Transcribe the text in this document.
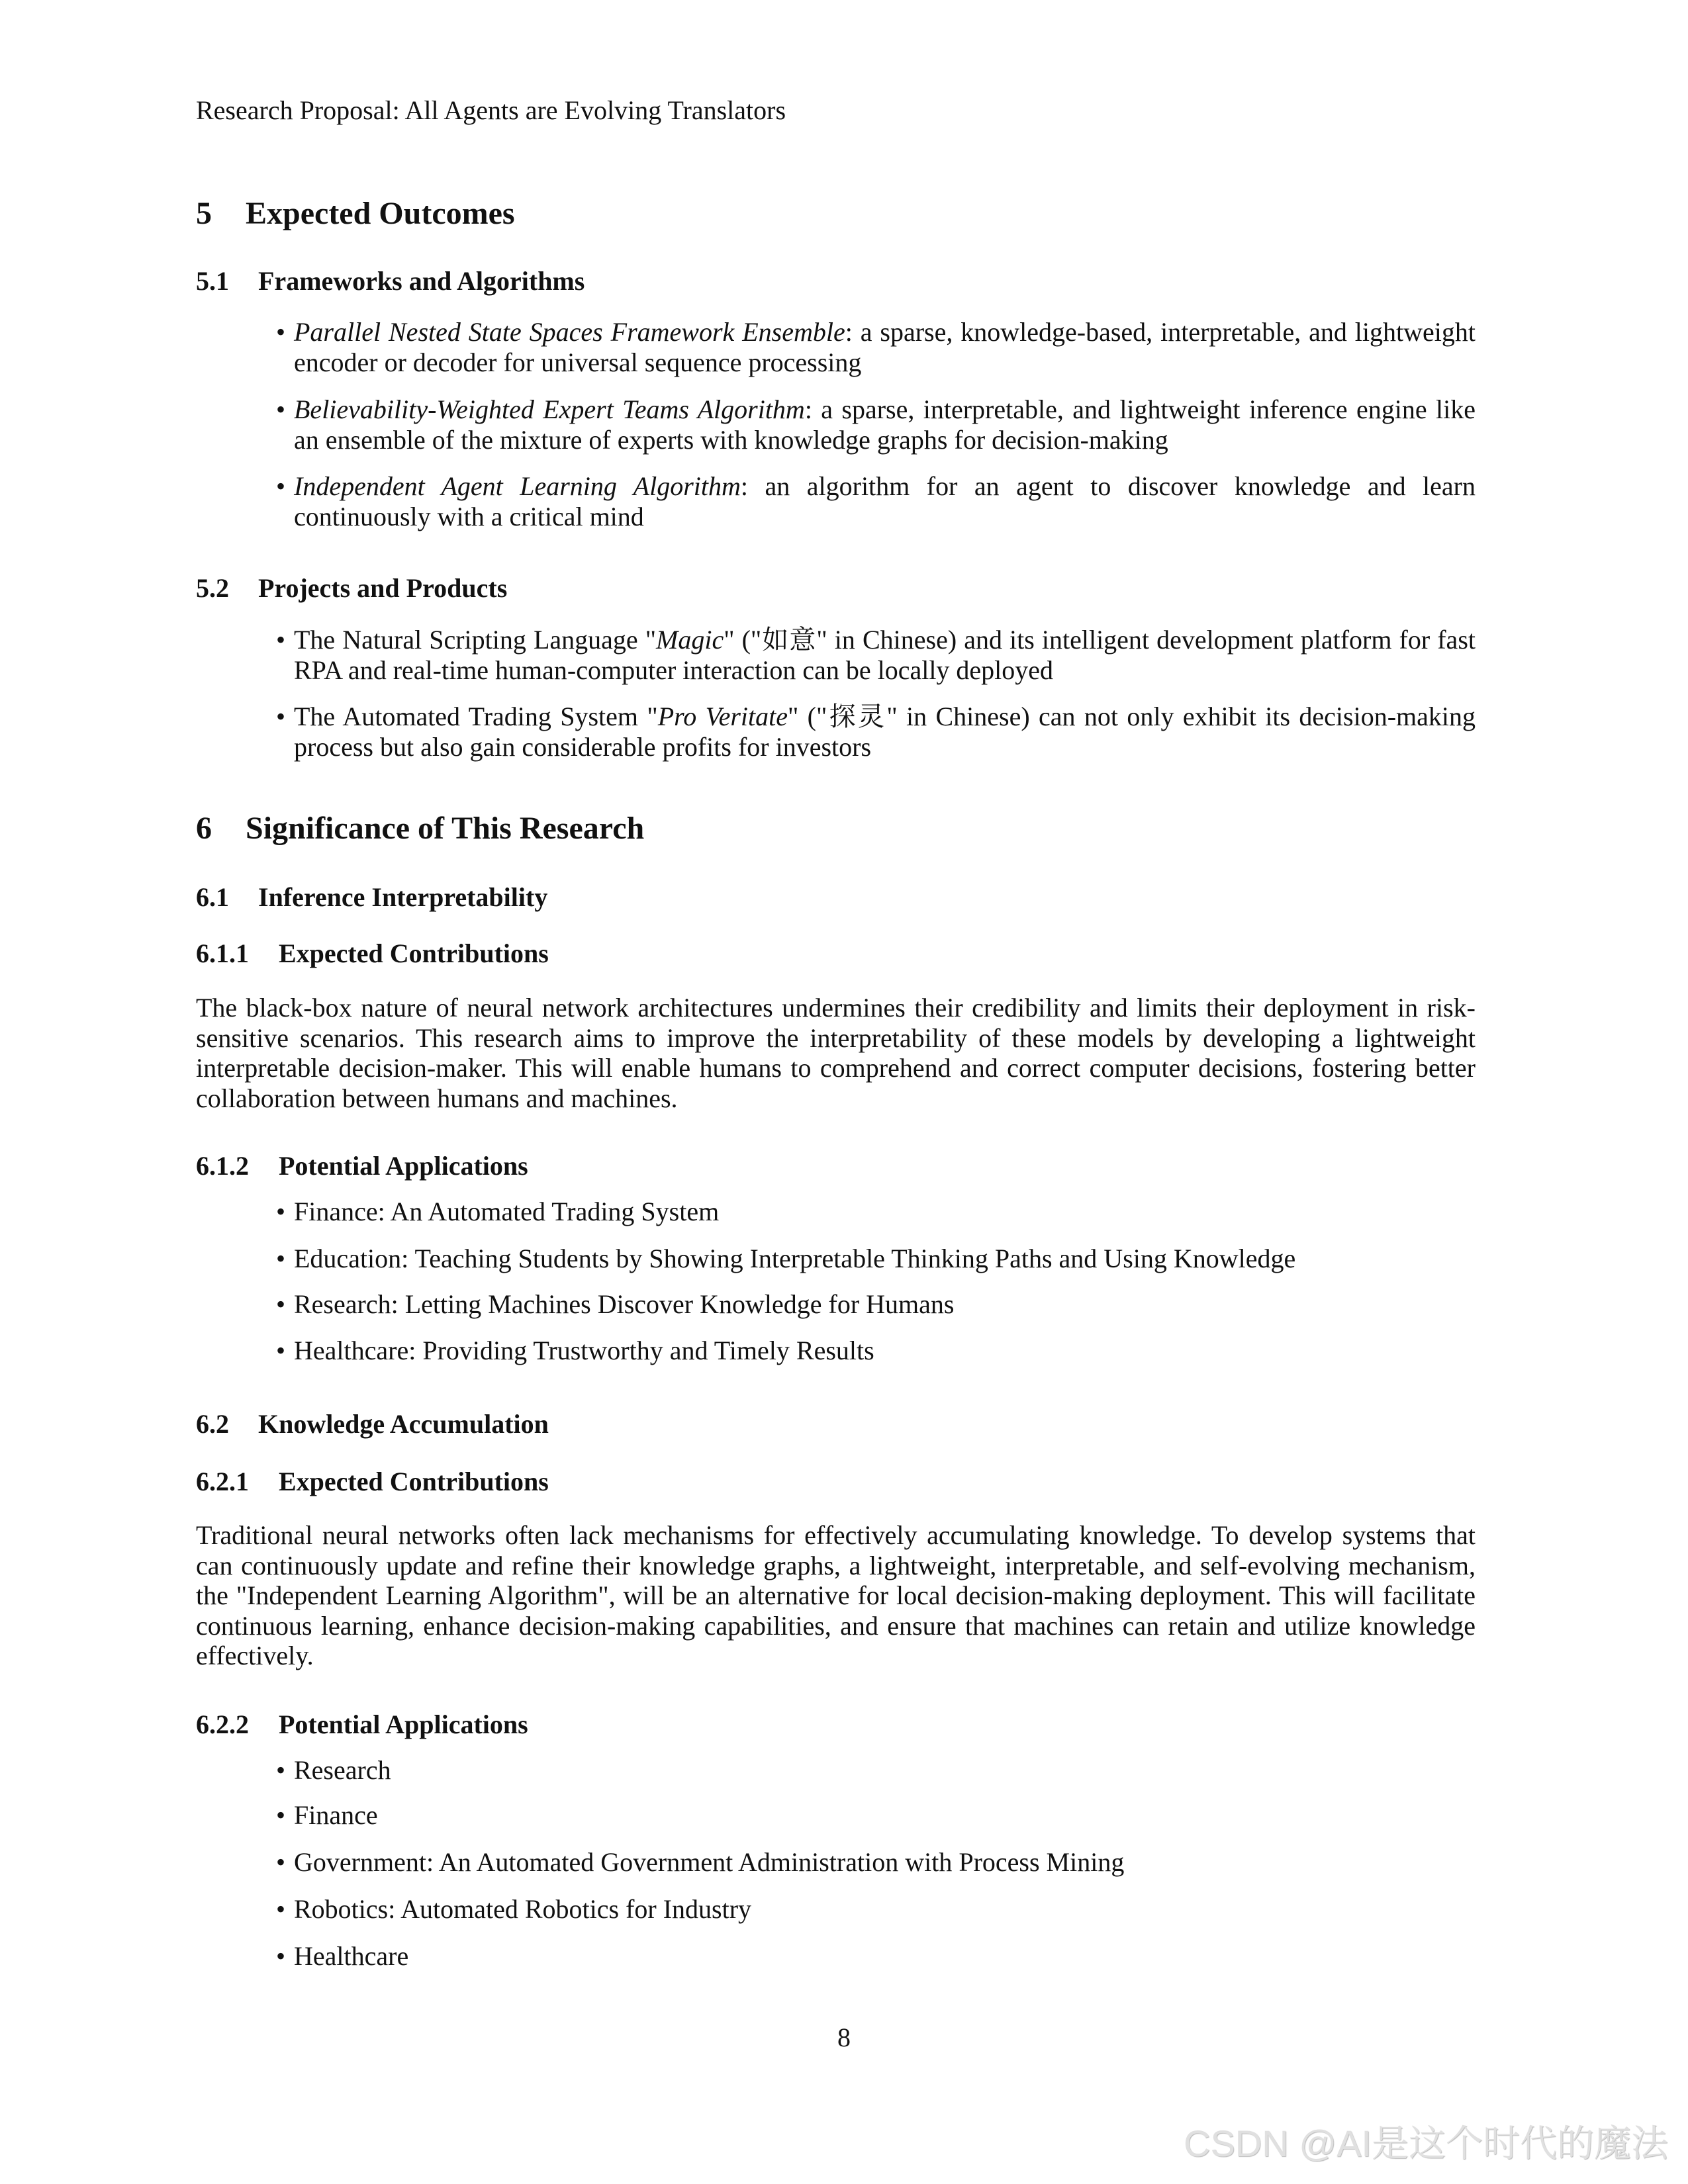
Research Proposal: All Agents are Evolving Translators
5 Expected Outcomes
5.1 Frameworks and Algorithms
• Parallel Nested State Spaces Framework Ensemble: a sparse, knowledge-based, interpretable, and lightweight encoder or decoder for universal sequence processing
• Believability-Weighted Expert Teams Algorithm: a sparse, interpretable, and lightweight inference engine like an ensemble of the mixture of experts with knowledge graphs for decision-making
• Independent Agent Learning Algorithm: an algorithm for an agent to discover knowledge and learn continuously with a critical mind
5.2 Projects and Products
• The Natural Scripting Language "Magic" ("如意" in Chinese) and its intelligent development platform for fast RPA and real-time human-computer interaction can be locally deployed
• The Automated Trading System "Pro Veritate" ("探灵" in Chinese) can not only exhibit its decision-making process but also gain considerable profits for investors
6 Significance of This Research
6.1 Inference Interpretability
6.1.1 Expected Contributions
The black-box nature of neural network architectures undermines their credibility and limits their deployment in risk-sensitive scenarios. This research aims to improve the interpretability of these models by developing a lightweight interpretable decision-maker. This will enable humans to comprehend and correct computer decisions, fostering better collaboration between humans and machines.
6.1.2 Potential Applications
• Finance: An Automated Trading System
• Education: Teaching Students by Showing Interpretable Thinking Paths and Using Knowledge
• Research: Letting Machines Discover Knowledge for Humans
• Healthcare: Providing Trustworthy and Timely Results
6.2 Knowledge Accumulation
6.2.1 Expected Contributions
Traditional neural networks often lack mechanisms for effectively accumulating knowledge. To develop systems that can continuously update and refine their knowledge graphs, a lightweight, interpretable, and self-evolving mechanism, the "Independent Learning Algorithm", will be an alternative for local decision-making deployment. This will facilitate continuous learning, enhance decision-making capabilities, and ensure that machines can retain and utilize knowledge effectively.
6.2.2 Potential Applications
• Research
• Finance
• Government: An Automated Government Administration with Process Mining
• Robotics: Automated Robotics for Industry
• Healthcare
8
CSDN @AI是这个时代的魔法
